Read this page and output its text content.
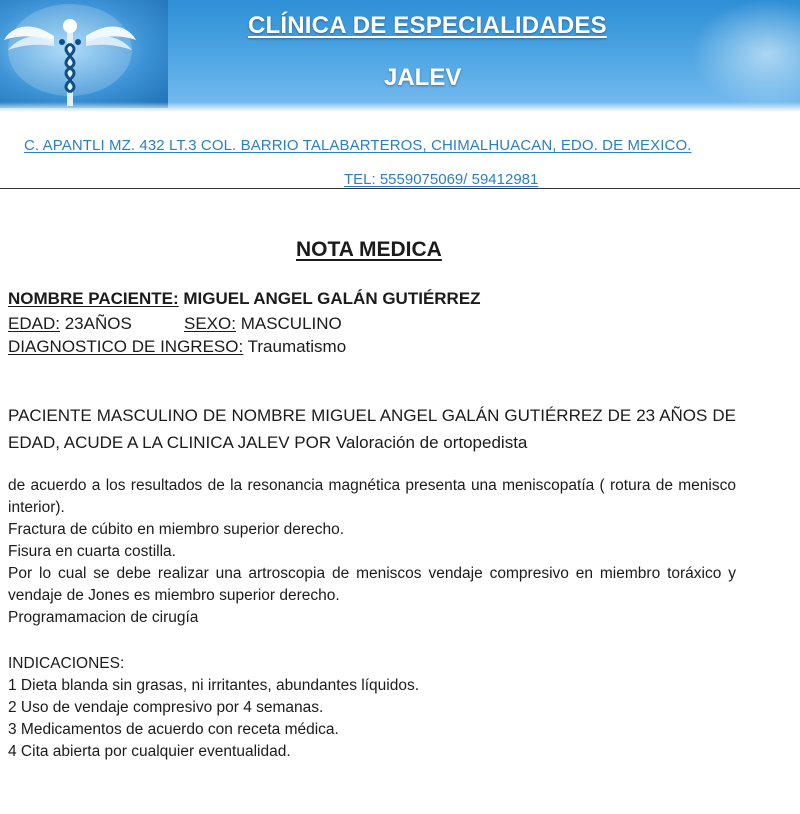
CLÍNICA DE ESPECIALIDADES
JALEV
C. APANTLI MZ. 432 LT.3 COL. BARRIO TALABARTEROS, CHIMALHUACAN, EDO. DE MEXICO.
TEL: 5559075069/ 59412981
NOTA MEDICA
NOMBRE PACIENTE: MIGUEL ANGEL GALÁN GUTIÉRREZ
EDAD: 23AÑOS	SEXO: MASCULINO
DIAGNOSTICO DE INGRESO: Traumatismo
PACIENTE MASCULINO DE NOMBRE MIGUEL ANGEL GALÁN GUTIÉRREZ DE 23 AÑOS DE EDAD, ACUDE A LA CLINICA JALEV POR Valoración de ortopedista

de acuerdo a los resultados de la resonancia magnética presenta una meniscopatía ( rotura de menisco interior).

Fractura de cúbito en miembro superior derecho.

Fisura en cuarta costilla.

Por lo cual se debe realizar una artroscopia de meniscos vendaje compresivo en miembro toráxico y vendaje de Jones es miembro superior derecho.

Programamacion de cirugía

INDICACIONES:

1 Dieta blanda sin grasas, ni irritantes, abundantes líquidos.

2 Uso de vendaje compresivo por 4 semanas.

3 Medicamentos de acuerdo con receta médica.

4 Cita abierta por cualquier eventualidad.
